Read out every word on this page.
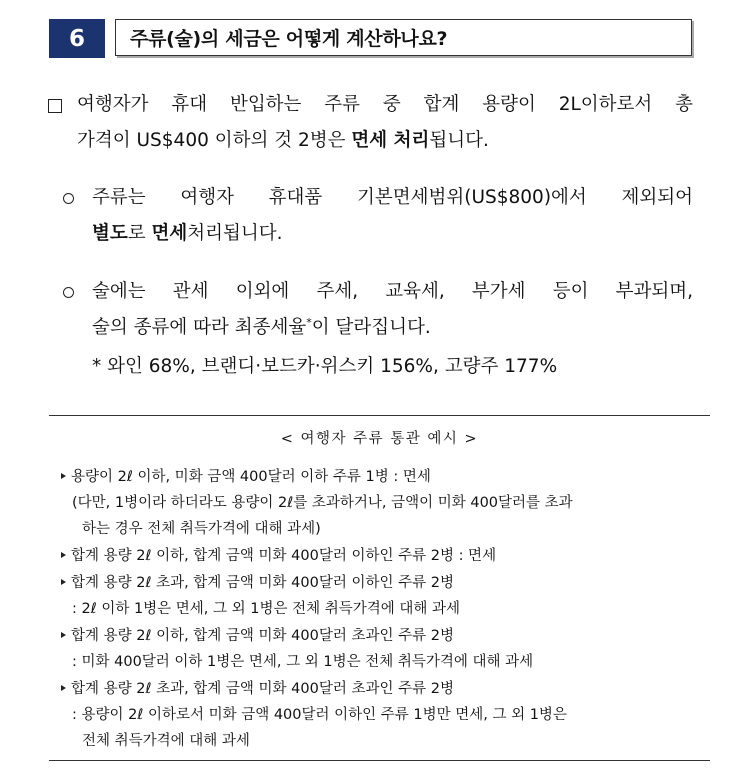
6	주류(술)의 세금은 어떻게 계산하나요?
여행자가 휴대 반입하는 주류 중 합계 용량이 2L이하로서 총
가격이 US$400 이하의 것 2병은 면세 처리됩니다.
주류는 여행자 휴대품 기본면세범위(US$800)에서 제외되어
별도로 면세처리됩니다.
술에는 관세 이외에 주세, 교육세, 부가세 등이 부과되며,
술의 종류에 따라 최종세율*이 달라집니다.
* 와인 68%, 브랜디·보드카·위스키 156%, 고량주 177%
< 여행자 주류 통관 예시 >
용량이 2ℓ 이하, 미화 금액 400달러 이하 주류 1병 : 면세
(다만, 1병이라 하더라도 용량이 2ℓ를 초과하거나, 금액이 미화 400달러를 초과
하는 경우 전체 취득가격에 대해 과세)
합계 용량 2ℓ 이하, 합계 금액 미화 400달러 이하인 주류 2병 : 면세
합계 용량 2ℓ 초과, 합계 금액 미화 400달러 이하인 주류 2병
: 2ℓ 이하 1병은 면세, 그 외 1병은 전체 취득가격에 대해 과세
합계 용량 2ℓ 이하, 합계 금액 미화 400달러 초과인 주류 2병
: 미화 400달러 이하 1병은 면세, 그 외 1병은 전체 취득가격에 대해 과세
합계 용량 2ℓ 초과, 합계 금액 미화 400달러 초과인 주류 2병
: 용량이 2ℓ 이하로서 미화 금액 400달러 이하인 주류 1병만 면세, 그 외 1병은
전체 취득가격에 대해 과세
